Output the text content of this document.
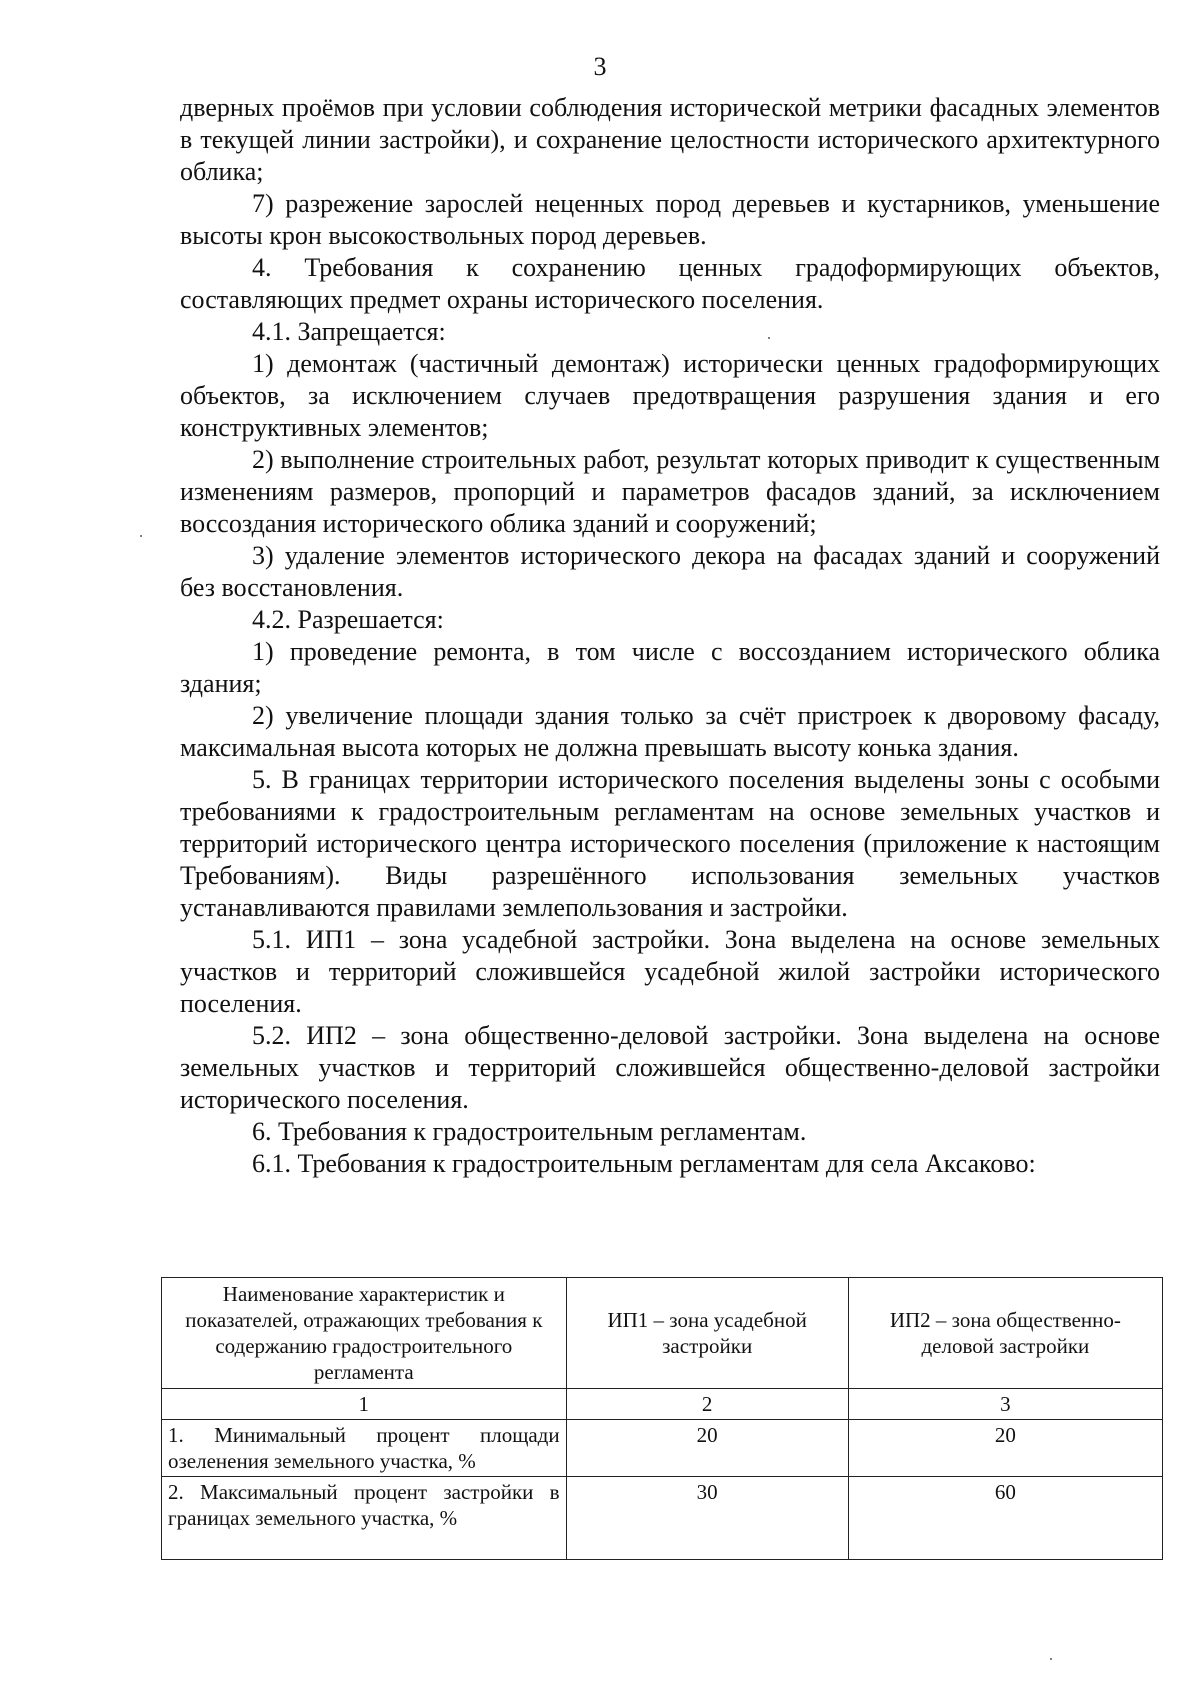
3

дверных проёмов при условии соблюдения исторической метрики фасадных элементов в текущей линии застройки), и сохранение целостности исторического архитектурного облика;

7) разрежение зарослей неценных пород деревьев и кустарников, уменьшение высоты крон высокоствольных пород деревьев.

4. Требования к сохранению ценных градоформирующих объектов, составляющих предмет охраны исторического поселения.

4.1. Запрещается:

1) демонтаж (частичный демонтаж) исторически ценных градоформирующих объектов, за исключением случаев предотвращения разрушения здания и его конструктивных элементов;

2) выполнение строительных работ, результат которых приводит к существенным изменениям размеров, пропорций и параметров фасадов зданий, за исключением воссоздания исторического облика зданий и сооружений;

3) удаление элементов исторического декора на фасадах зданий и сооружений без восстановления.

4.2. Разрешается:

1) проведение ремонта, в том числе с воссозданием исторического облика здания;

2) увеличение площади здания только за счёт пристроек к дворовому фасаду, максимальная высота которых не должна превышать высоту конька здания.

5. В границах территории исторического поселения выделены зоны с особыми требованиями к градостроительным регламентам на основе земельных участков и территорий исторического центра исторического поселения (приложение к настоящим Требованиям). Виды разрешённого использования земельных участков устанавливаются правилами землепользования и застройки.

5.1. ИП1 – зона усадебной застройки. Зона выделена на основе земельных участков и территорий сложившейся усадебной жилой застройки исторического поселения.

5.2. ИП2 – зона общественно-деловой застройки. Зона выделена на основе земельных участков и территорий сложившейся общественно-деловой застройки исторического поселения.

6. Требования к градостроительным регламентам.

6.1. Требования к градостроительным регламентам для села Аксаково:

Наименование характеристик и показателей, отражающих требования к содержанию градостроительного регламента	ИП1 – зона усадебной застройки	ИП2 – зона общественно-деловой застройки
1	2	3
1. Минимальный процент площади озеленения земельного участка, %	20	20
2. Максимальный процент застройки в границах земельного участка, %	30	60
